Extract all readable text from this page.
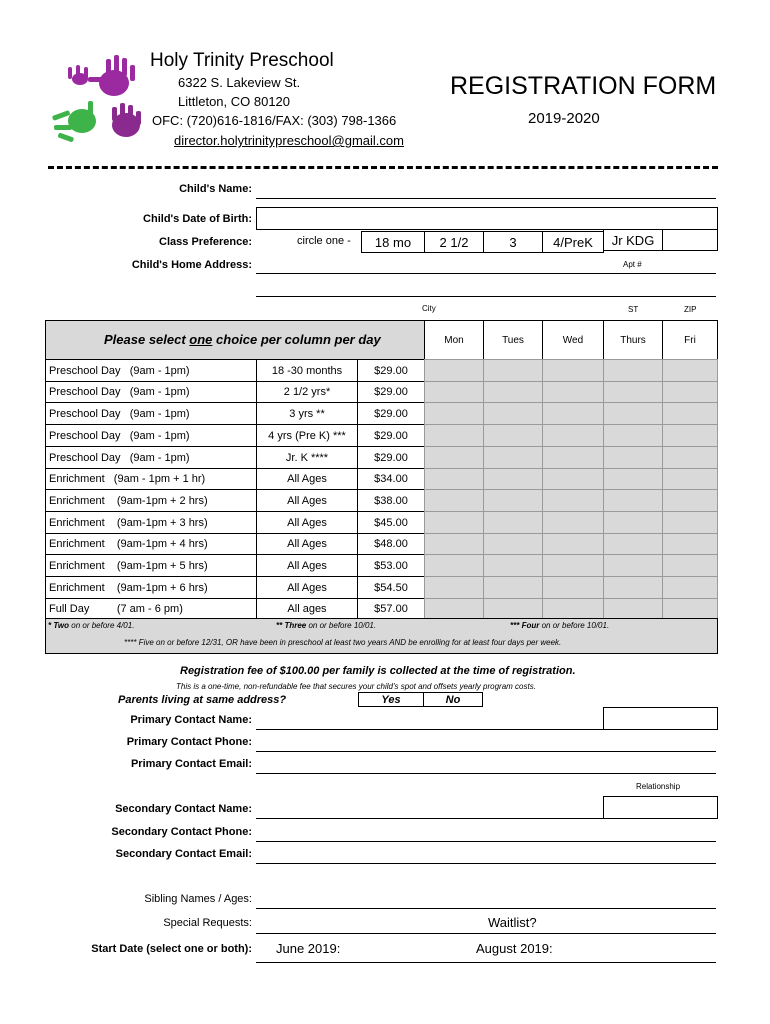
Holy Trinity Preschool
6322 S. Lakeview St.
Littleton, CO 80120
OFC: (720)616-1816/FAX: (303) 798-1366
director.holytrinitypreschool@gmail.com
REGISTRATION FORM
2019-2020
Child's Name:
Child's Date of Birth:
Class Preference:	circle one -	18 mo	2 1/2	3	4/PreK	Jr KDG
Child's Home Address:	Apt #
City	ST	ZIP
Please select one choice per column per day	Mon	Tues	Wed	Thurs	Fri
Preschool Day   (9am - 1pm)	18 -30 months	$29.00
Preschool Day   (9am - 1pm)	2 1/2 yrs*	$29.00
Preschool Day   (9am - 1pm)	3 yrs **	$29.00
Preschool Day   (9am - 1pm)	4 yrs (Pre K) ***	$29.00
Preschool Day   (9am - 1pm)	Jr. K ****	$29.00
Enrichment   (9am - 1pm + 1 hr)	All Ages	$34.00
Enrichment    (9am-1pm + 2 hrs)	All Ages	$38.00
Enrichment    (9am-1pm + 3 hrs)	All Ages	$45.00
Enrichment    (9am-1pm + 4 hrs)	All Ages	$48.00
Enrichment    (9am-1pm + 5 hrs)	All Ages	$53.00
Enrichment    (9am-1pm + 6 hrs)	All Ages	$54.50
Full Day         (7 am - 6 pm)	All ages	$57.00
* Two on or before 4/01.	** Three on or before 10/01.	*** Four on or before 10/01.
**** Five on or before 12/31, OR have been in preschool at least two years AND be enrolling for at least four days per week.
Registration fee of $100.00 per family is collected at the time of registration.
This is a one-time, non-refundable fee that secures your child's spot and offsets yearly program costs.
Parents living at same address?	Yes	No
Primary Contact Name:
Primary Contact Phone:
Primary Contact Email:
Relationship
Secondary Contact Name:
Secondary Contact Phone:
Secondary Contact Email:
Sibling Names / Ages:
Special Requests:	Waitlist?
Start Date (select one or both): June 2019:	August 2019:
